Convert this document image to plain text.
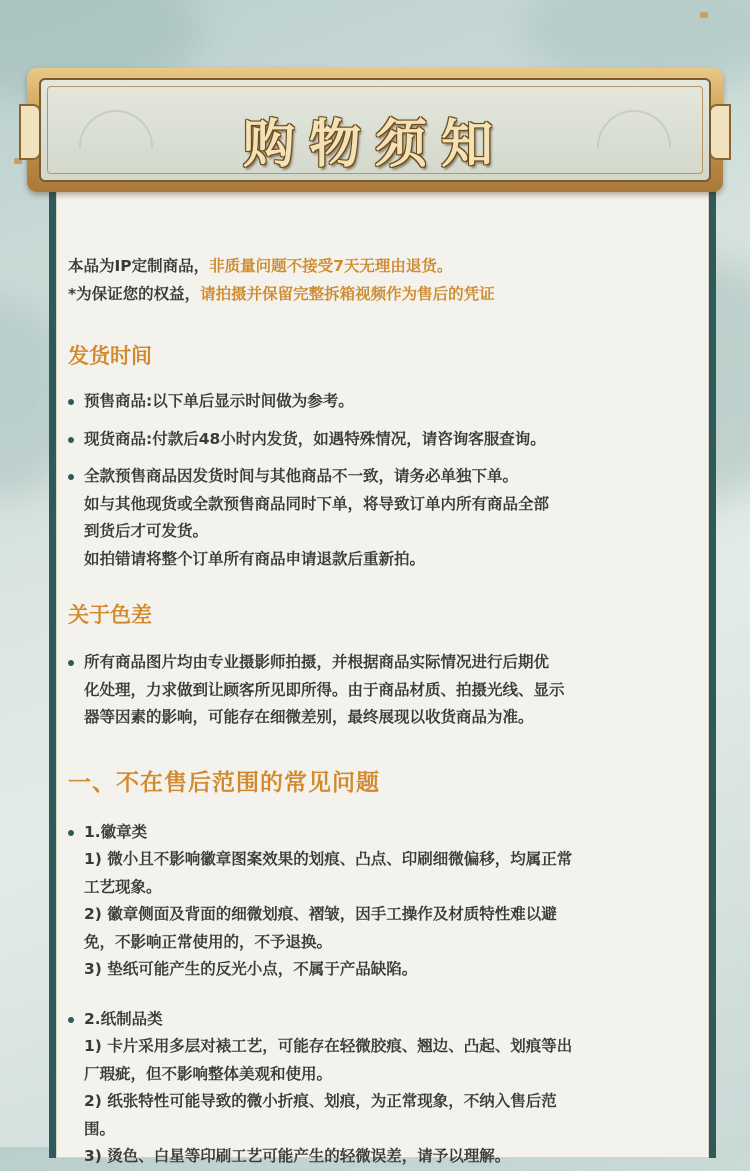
购物须知

本品为IP定制商品，非质量问题不接受7天无理由退货。

*为保证您的权益，请拍摄并保留完整拆箱视频作为售后的凭证

发货时间
预售商品:以下单后显示时间做为参考。
现货商品:付款后48小时内发货，如遇特殊情况，请咨询客服查询。
全款预售商品因发货时间与其他商品不一致，请务必单独下单。
如与其他现货或全款预售商品同时下单，将导致订单内所有商品全部
到货后才可发货。
如拍错请将整个订单所有商品申请退款后重新拍。
关于色差
所有商品图片均由专业摄影师拍摄，并根据商品实际情况进行后期优
化处理，力求做到让顾客所见即所得。由于商品材质、拍摄光线、显示
器等因素的影响，可能存在细微差别，最终展现以收货商品为准。
一、不在售后范围的常见问题
1.徽章类
1) 微小且不影响徽章图案效果的划痕、凸点、印刷细微偏移，均属正常
工艺现象。
2) 徽章侧面及背面的细微划痕、褶皱，因手工操作及材质特性难以避
免，不影响正常使用的，不予退换。
3) 垫纸可能产生的反光小点，不属于产品缺陷。
2.纸制品类
1) 卡片采用多层对裱工艺，可能存在轻微胶痕、翘边、凸起、划痕等出
厂瑕疵，但不影响整体美观和使用。
2) 纸张特性可能导致的微小折痕、划痕，为正常现象，不纳入售后范
围。
3) 烫色、白星等印刷工艺可能产生的轻微误差，请予以理解。
